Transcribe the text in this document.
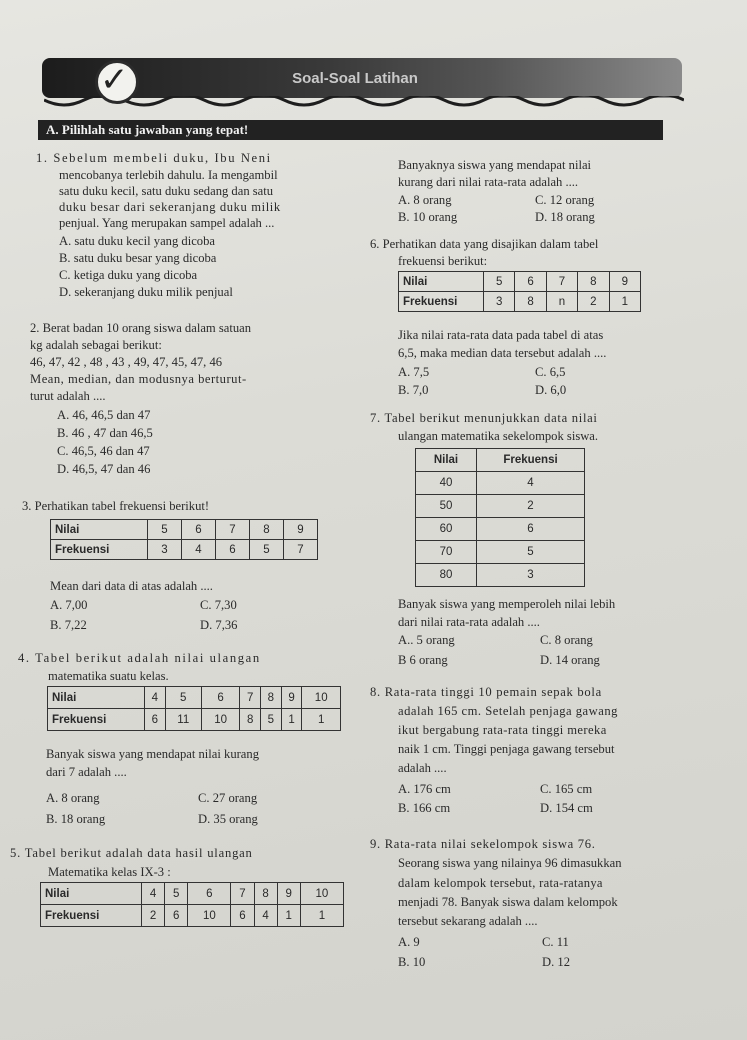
✓	Soal-Soal Latihan
A. Pilihlah satu jawaban yang tepat!
1. Sebelum membeli duku, Ibu Neni
mencobanya terlebih dahulu. Ia mengambil
satu duku kecil, satu duku sedang dan satu
duku besar dari sekeranjang duku milik
penjual. Yang merupakan sampel adalah ...
A. satu duku kecil yang dicoba
B. satu duku besar yang dicoba
C. ketiga duku yang dicoba
D. sekeranjang duku milik penjual
2. Berat badan 10 orang siswa dalam satuan
kg adalah sebagai berikut:
46, 47, 42 , 48 , 43 , 49, 47, 45, 47, 46
Mean, median, dan modusnya berturut-
turut adalah ....
A. 46, 46,5 dan 47
B. 46 , 47 dan 46,5
C. 46,5, 46 dan 47
D. 46,5, 47 dan 46
3. Perhatikan tabel frekuensi berikut!
Nilai	5	6	7	8	9
Frekuensi	3	4	6	5	7
Mean dari data di atas adalah ....
A. 7,00	C. 7,30
B. 7,22	D. 7,36
4. Tabel berikut adalah nilai ulangan
matematika suatu kelas.
Nilai	4	5	6	7	8	9	10
Frekuensi	6	11	10	8	5	1	1
Banyak siswa yang mendapat nilai kurang
dari 7 adalah ....
A. 8 orang	C. 27 orang
B. 18 orang	D. 35 orang
5. Tabel berikut adalah data hasil ulangan
Matematika kelas IX-3 :
Nilai	4	5	6	7	8	9	10
Frekuensi	2	6	10	6	4	1	1
Banyaknya siswa yang mendapat nilai
kurang dari nilai rata-rata adalah ....
A. 8 orang	C. 12 orang
B. 10 orang	D. 18 orang
6. Perhatikan data yang disajikan dalam tabel
frekuensi berikut:
Nilai	5	6	7	8	9
Frekuensi	3	8	n	2	1
Jika nilai rata-rata data pada tabel di atas
6,5, maka median data tersebut adalah ....
A. 7,5	C. 6,5
B. 7,0	D. 6,0
7. Tabel berikut menunjukkan data nilai
ulangan matematika sekelompok siswa.
Nilai	Frekuensi
40	4
50	2
60	6
70	5
80	3
Banyak siswa yang memperoleh nilai lebih
dari nilai rata-rata adalah ....
A.. 5 orang	C. 8 orang
B 6 orang	D. 14 orang
8. Rata-rata tinggi 10 pemain sepak bola
adalah 165 cm. Setelah penjaga gawang
ikut bergabung rata-rata tinggi mereka
naik 1 cm. Tinggi penjaga gawang tersebut
adalah ....
A. 176 cm	C. 165 cm
B. 166 cm	D. 154 cm
9. Rata-rata nilai sekelompok siswa 76.
Seorang siswa yang nilainya 96 dimasukkan
dalam kelompok tersebut, rata-ratanya
menjadi 78. Banyak siswa dalam kelompok
tersebut sekarang adalah ....
A. 9	C. 11
B. 10	D. 12
